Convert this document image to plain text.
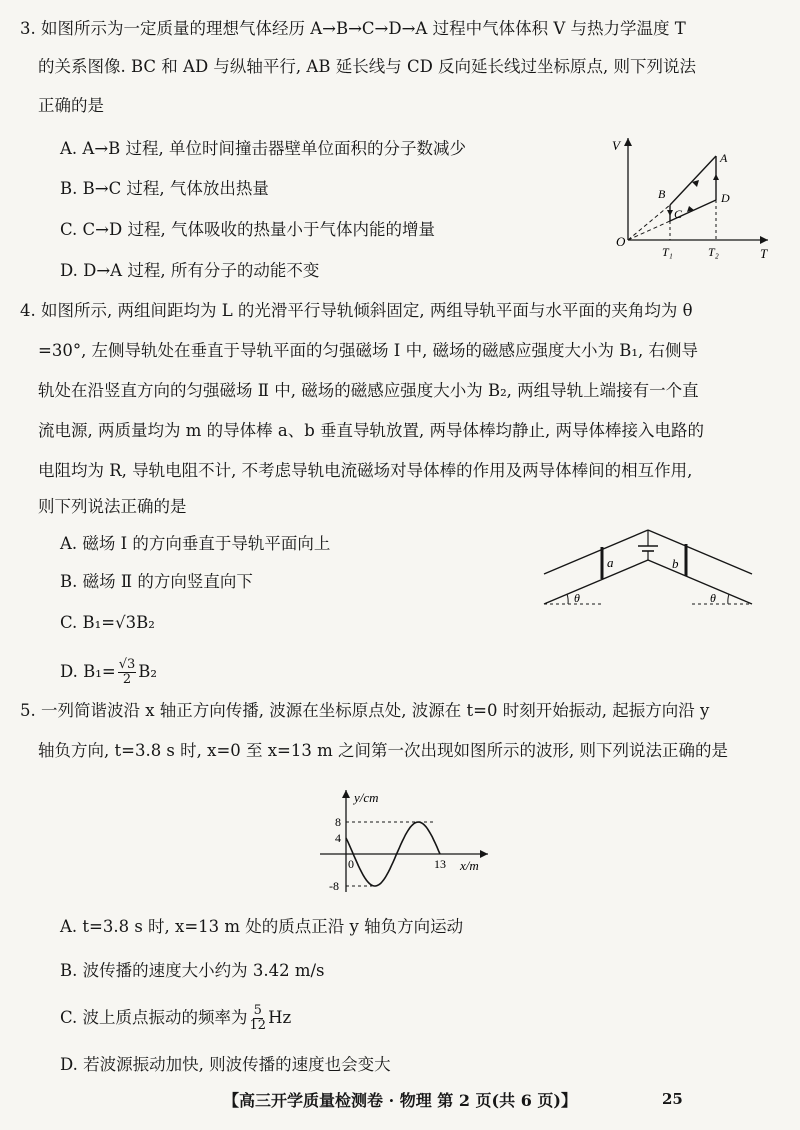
3. 如图所示为一定质量的理想气体经历 A→B→C→D→A 过程中气体体积 V 与热力学温度 T
的关系图像. BC 和 AD 与纵轴平行, AB 延长线与 CD 反向延长线过坐标原点, 则下列说法
正确的是
A. A→B 过程, 单位时间撞击器壁单位面积的分子数减少
B. B→C 过程, 气体放出热量
C. C→D 过程, 气体吸收的热量小于气体内能的增量
D. D→A 过程, 所有分子的动能不变
V
T
O
A
B
C
D
T₁	T₂
4. 如图所示, 两组间距均为 L 的光滑平行导轨倾斜固定, 两组导轨平面与水平面的夹角均为 θ
=30°, 左侧导轨处在垂直于导轨平面的匀强磁场 Ⅰ 中, 磁场的磁感应强度大小为 B₁, 右侧导
轨处在沿竖直方向的匀强磁场 Ⅱ 中, 磁场的磁感应强度大小为 B₂, 两组导轨上端接有一个直
流电源, 两质量均为 m 的导体棒 a、b 垂直导轨放置, 两导体棒均静止, 两导体棒接入电路的
电阻均为 R, 导轨电阻不计, 不考虑导轨电流磁场对导体棒的作用及两导体棒间的相互作用,
则下列说法正确的是
A. 磁场 Ⅰ 的方向垂直于导轨平面向上
B. 磁场 Ⅱ 的方向竖直向下
C. B₁=√3B₂
D. $B_1= \frac{√3}{2} B_2$
a	b
θ	θ
5. 一列简谐波沿 x 轴正方向传播, 波源在坐标原点处, 波源在 t=0 时刻开始振动, 起振方向沿 y
轴负方向, t=3.8 s 时, x=0 至 x=13 m 之间第一次出现如图所示的波形, 则下列说法正确的是
y/cm
x/m
0
8
4
-8
13
A. t=3.8 s 时, x=13 m 处的质点正沿 y 轴负方向运动
B. 波传播的速度大小约为 3.42 m/s
C. 波上质点振动的频率为 $\frac{5}{12}$ Hz
D. 若波源振动加快, 则波传播的速度也会变大
【高三开学质量检测卷 · 物理 第 2 页(共 6 页)】	25
